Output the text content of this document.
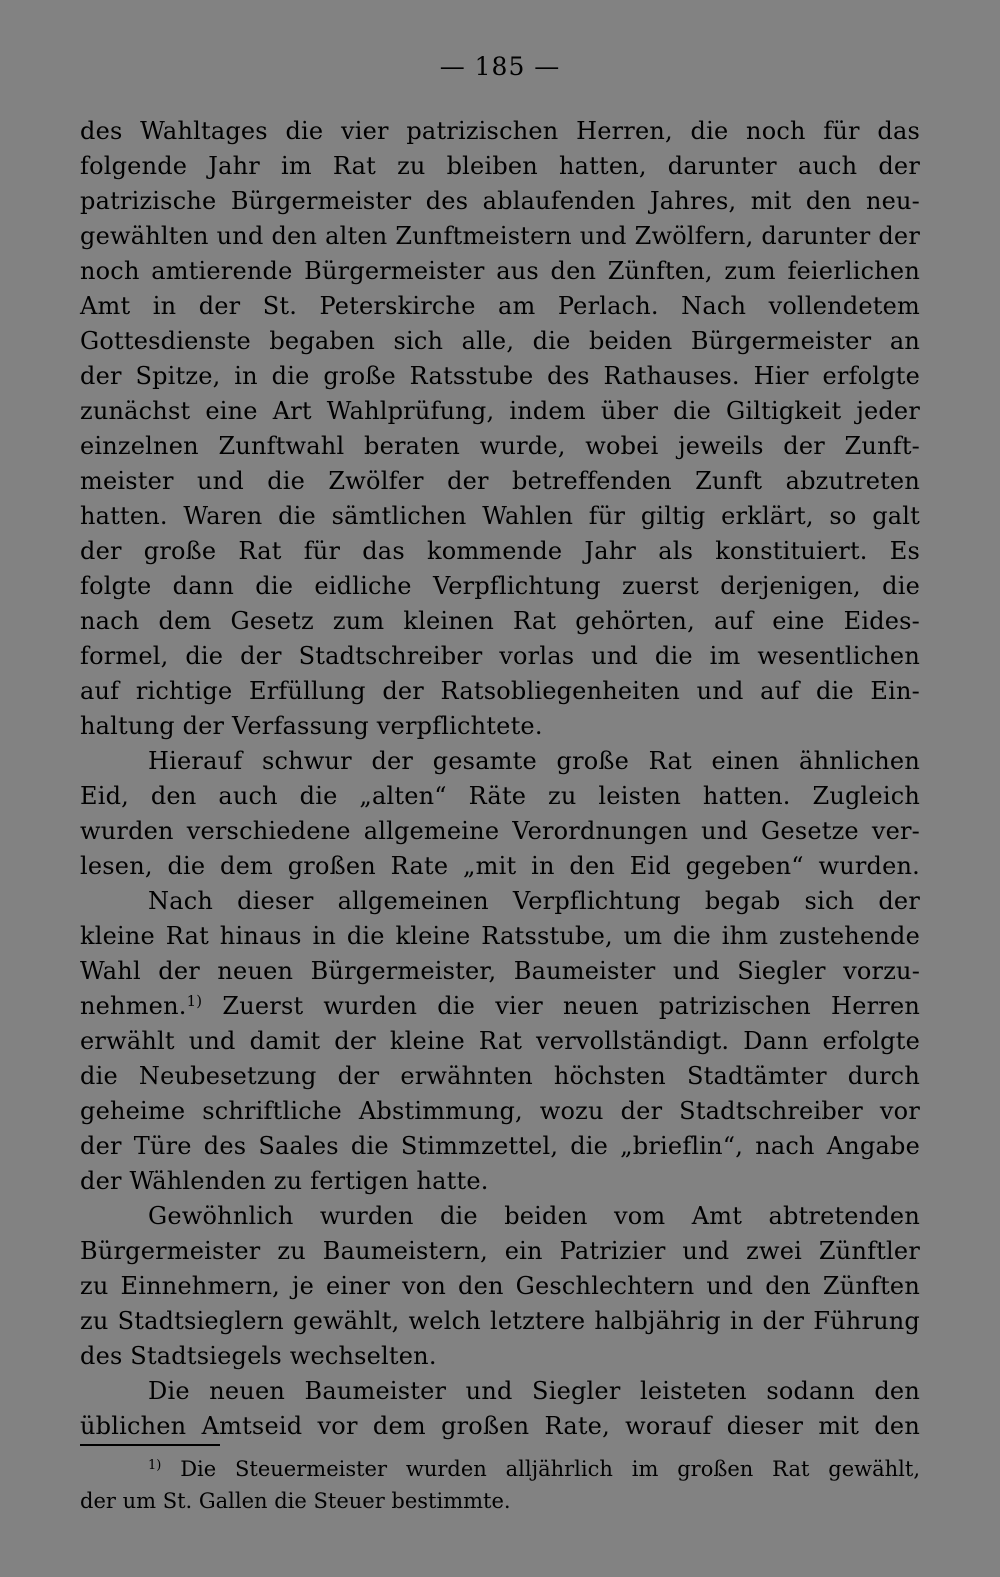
— 185 —
des Wahltages die vier patrizischen Herren, die noch für das
folgende Jahr im Rat zu bleiben hatten, darunter auch der
patrizische Bürgermeister des ablaufenden Jahres, mit den neu-
gewählten und den alten Zunftmeistern und Zwölfern, darunter der
noch amtierende Bürgermeister aus den Zünften, zum feierlichen
Amt in der St. Peterskirche am Perlach. Nach vollendetem
Gottesdienste begaben sich alle, die beiden Bürgermeister an
der Spitze, in die große Ratsstube des Rathauses. Hier erfolgte
zunächst eine Art Wahlprüfung, indem über die Giltigkeit jeder
einzelnen Zunftwahl beraten wurde, wobei jeweils der Zunft-
meister und die Zwölfer der betreffenden Zunft abzutreten
hatten. Waren die sämtlichen Wahlen für giltig erklärt, so galt
der große Rat für das kommende Jahr als konstituiert. Es
folgte dann die eidliche Verpflichtung zuerst derjenigen, die
nach dem Gesetz zum kleinen Rat gehörten, auf eine Eides-
formel, die der Stadtschreiber vorlas und die im wesentlichen
auf richtige Erfüllung der Ratsobliegenheiten und auf die Ein-
haltung der Verfassung verpflichtete.
Hierauf schwur der gesamte große Rat einen ähnlichen
Eid, den auch die „alten“ Räte zu leisten hatten. Zugleich
wurden verschiedene allgemeine Verordnungen und Gesetze ver-
lesen, die dem großen Rate „mit in den Eid gegeben“ wurden.
Nach dieser allgemeinen Verpflichtung begab sich der
kleine Rat hinaus in die kleine Ratsstube, um die ihm zustehende
Wahl der neuen Bürgermeister, Baumeister und Siegler vorzu-
nehmen.$^{1)}$ Zuerst wurden die vier neuen patrizischen Herren
erwählt und damit der kleine Rat vervollständigt. Dann erfolgte
die Neubesetzung der erwähnten höchsten Stadtämter durch
geheime schriftliche Abstimmung, wozu der Stadtschreiber vor
der Türe des Saales die Stimmzettel, die „brieflin“, nach Angabe
der Wählenden zu fertigen hatte.
Gewöhnlich wurden die beiden vom Amt abtretenden
Bürgermeister zu Baumeistern, ein Patrizier und zwei Zünftler
zu Einnehmern, je einer von den Geschlechtern und den Zünften
zu Stadtsieglern gewählt, welch letztere halbjährig in der Führung
des Stadtsiegels wechselten.
Die neuen Baumeister und Siegler leisteten sodann den
üblichen Amtseid vor dem großen Rate, worauf dieser mit den
$^{1)}$ Die Steuermeister wurden alljährlich im großen Rat gewählt,
der um St. Gallen die Steuer bestimmte.
